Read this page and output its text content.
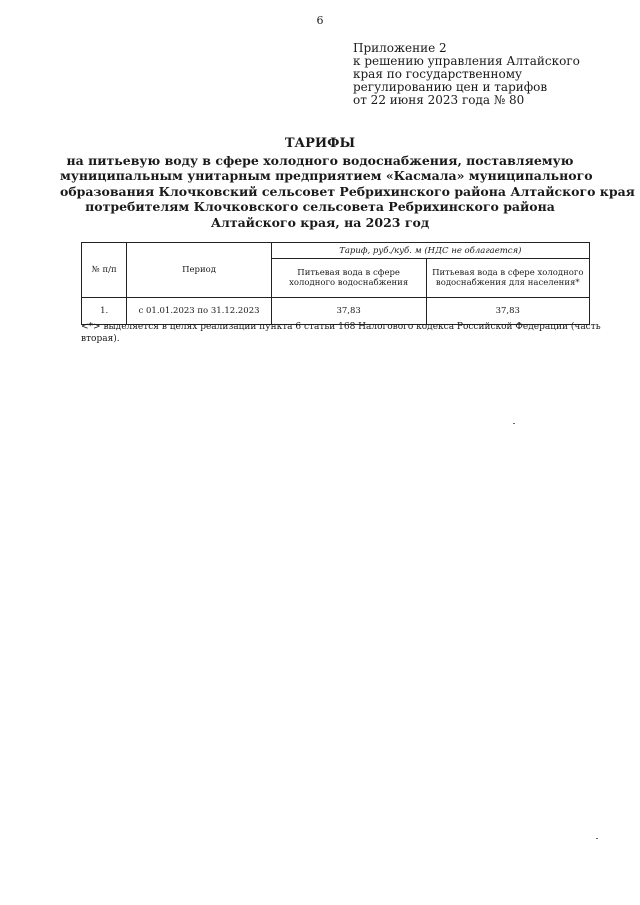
6
Приложение 2
к решению управления Алтайского
края по государственному
регулированию цен и тарифов
от 22 июня 2023 года № 80
ТАРИФЫ
на питьевую воду в сфере холодного водоснабжения, поставляемую
муниципальным унитарным предприятием «Касмала» муниципального
образования Клочковский сельсовет Ребрихинского района Алтайского края
потребителям Клочковского сельсовета Ребрихинского района
Алтайского края, на 2023 год
№ п/п	Период	Тариф, руб./куб. м (НДС не облагается)	
		Питьевая вода в сфере холодного водоснабжения	Питьевая вода в сфере холодного водоснабжения для населения*
1.	с 01.01.2023 по 31.12.2023	37,83	37,83
<*> выделяется в целях реализации пункта 6 статьи 168 Налогового кодекса Российской Федерации (часть вторая).
